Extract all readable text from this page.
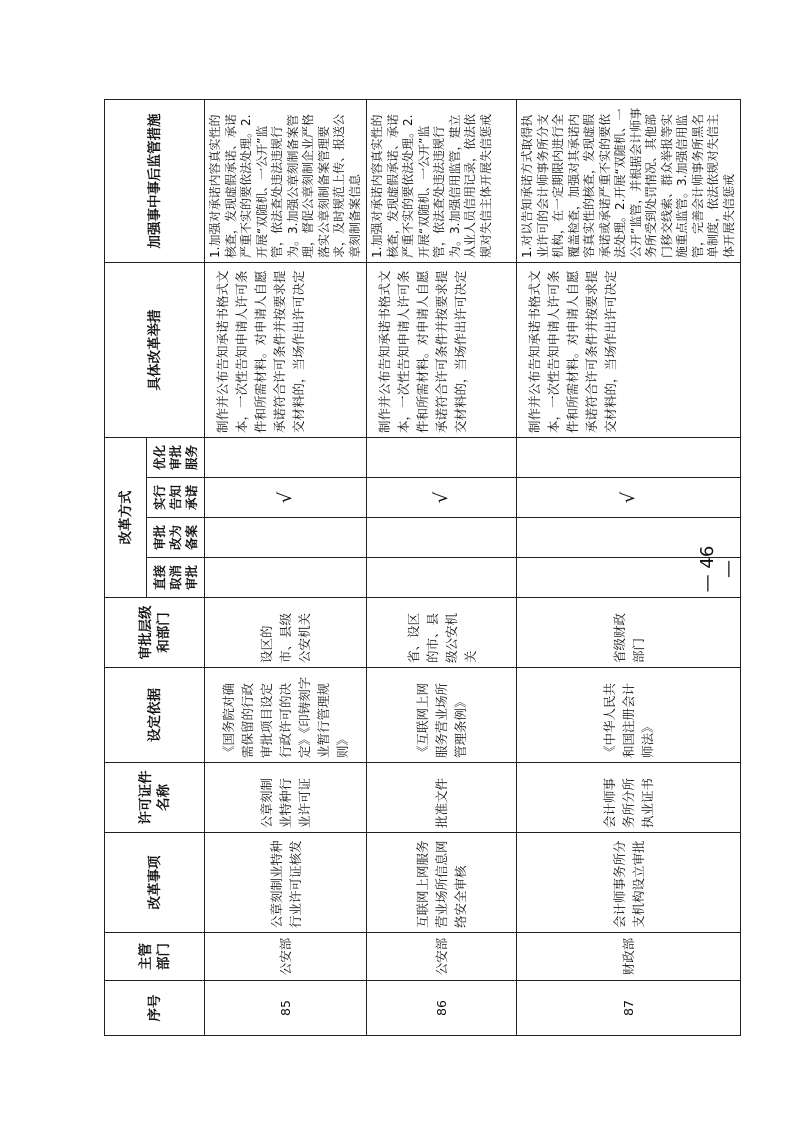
序号	主管部门	改革事项	许可证件名称	设定依据	审批层级和部门	改革方式				具体改革举措	加强事中事后监管措施
						直接取消审批	审批改为备案	实行告知承诺	优化审批服务		
85	公安部	公章刻制业特种行业许可证核发	公章刻制业特种行业许可证	《国务院对确需保留的行政审批项目设定行政许可的决定》《印铸刻字业暂行管理规则》	设区的市、县级公安机关			√		制作并公布告知承诺书格式文本，一次性告知申请人许可条件和所需材料。对申请人自愿承诺符合许可条件并按要求提交材料的，当场作出许可决定	1.加强对承诺内容真实性的核查，发现虚假承诺、承诺严重不实的要依法处理。2.开展“双随机、一公开”监管，依法查处违法违规行为。3.加强公章刻制备案管理，督促公章刻制企业严格落实公章刻制备案管理要求，及时规范上传、报送公章刻制备案信息
86	公安部	互联网上网服务营业场所信息网络安全审核	批准文件	《互联网上网服务营业场所管理条例》	省、设区的市、县级公安机关			√		制作并公布告知承诺书格式文本，一次性告知申请人许可条件和所需材料。对申请人自愿承诺符合许可条件并按要求提交材料的，当场作出许可决定	1.加强对承诺内容真实性的核查，发现虚假承诺、承诺严重不实的要依法处理。2.开展“双随机、一公开”监管，依法查处违法违规行为。3.加强信用监管，建立从业人员信用记录，依法依规对失信主体开展失信惩戒
87	财政部	会计师事务所分支机构设立审批	会计师事务所分所执业证书	《中华人民共和国注册会计师法》	省级财政部门			√		制作并公布告知承诺书格式文本，一次性告知申请人许可条件和所需材料。对申请人自愿承诺符合许可条件并按要求提交材料的，当场作出许可决定	1.对以告知承诺方式取得执业许可的会计师事务所分支机构，在一定期限内进行全覆盖检查，加强对其承诺内容真实性的核查，发现虚假承诺或承诺严重不实的要依法处理。2.开展“双随机、一公开”监管，并根据会计师事务所受到处罚情况、其他部门移交线索、群众举报等实施重点监管。3.加强信用监管，完善会计师事务所黑名单制度，依法依规对失信主体开展失信惩戒
— 46 —
